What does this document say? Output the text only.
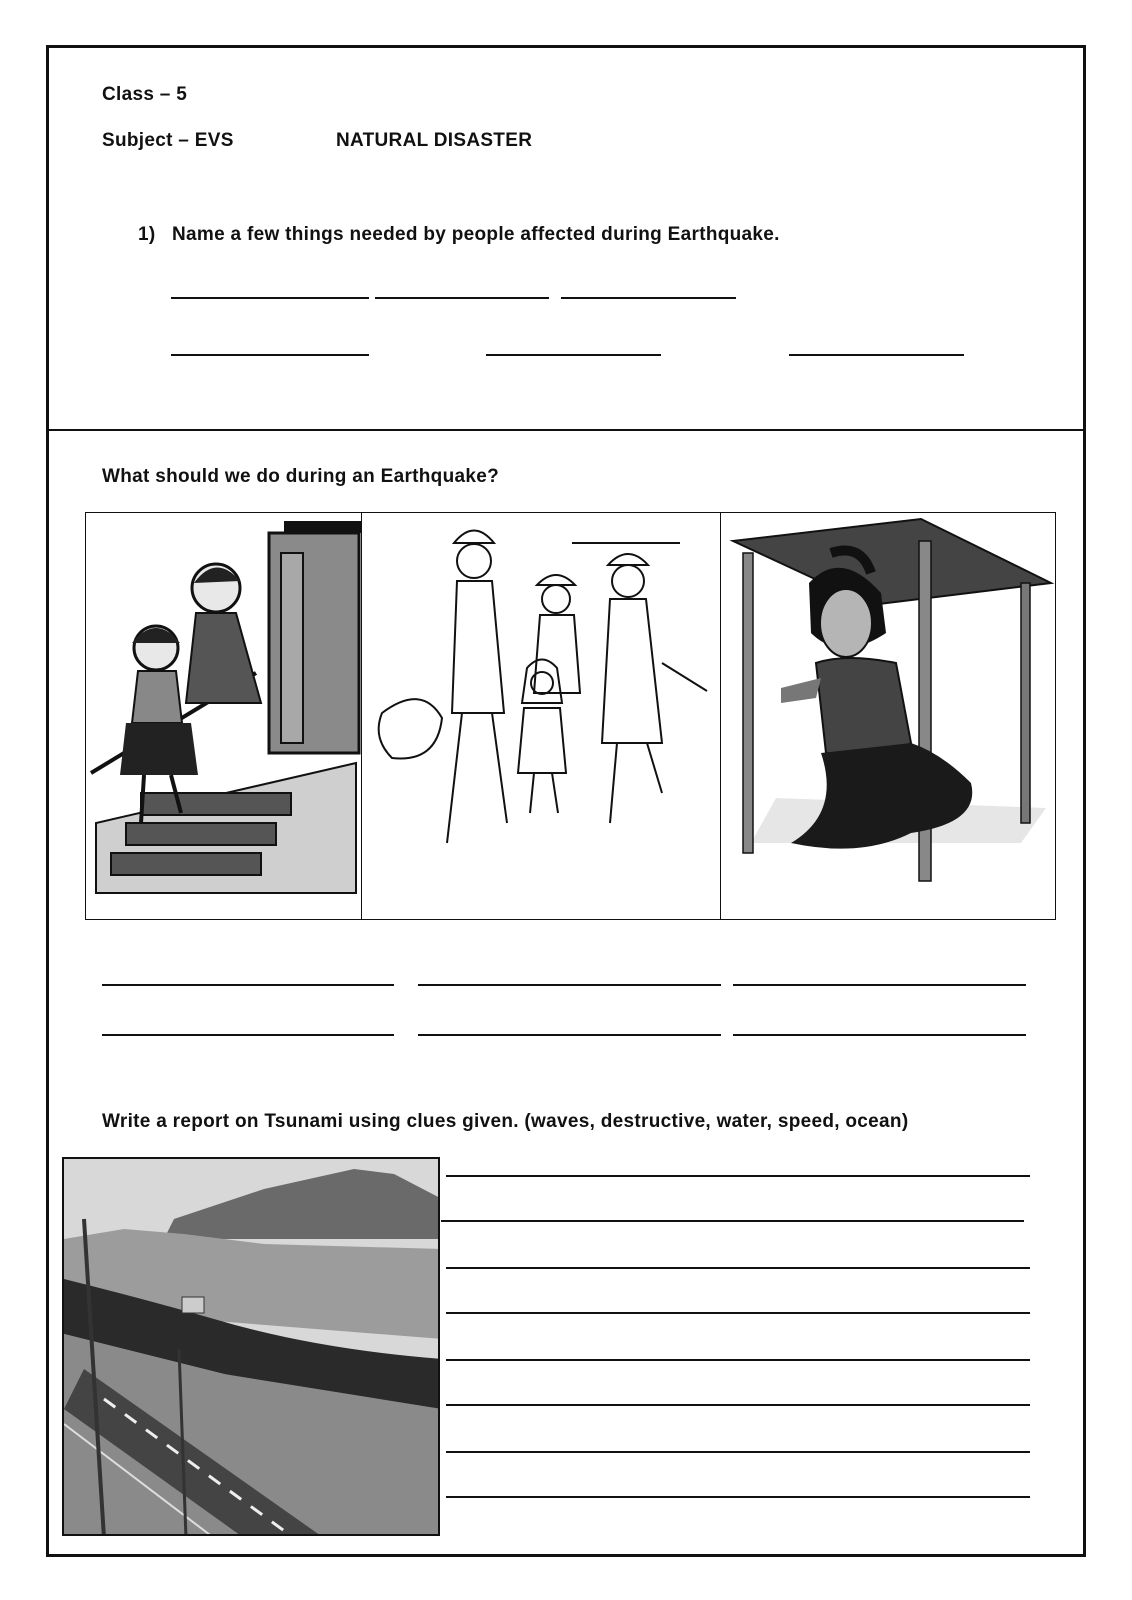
Class – 5
Subject – EVS	NATURAL DISASTER
1) Name a few things needed by people affected during Earthquake.
What should we do during an Earthquake?
Write a report on Tsunami using clues given. (waves, destructive, water, speed, ocean)
